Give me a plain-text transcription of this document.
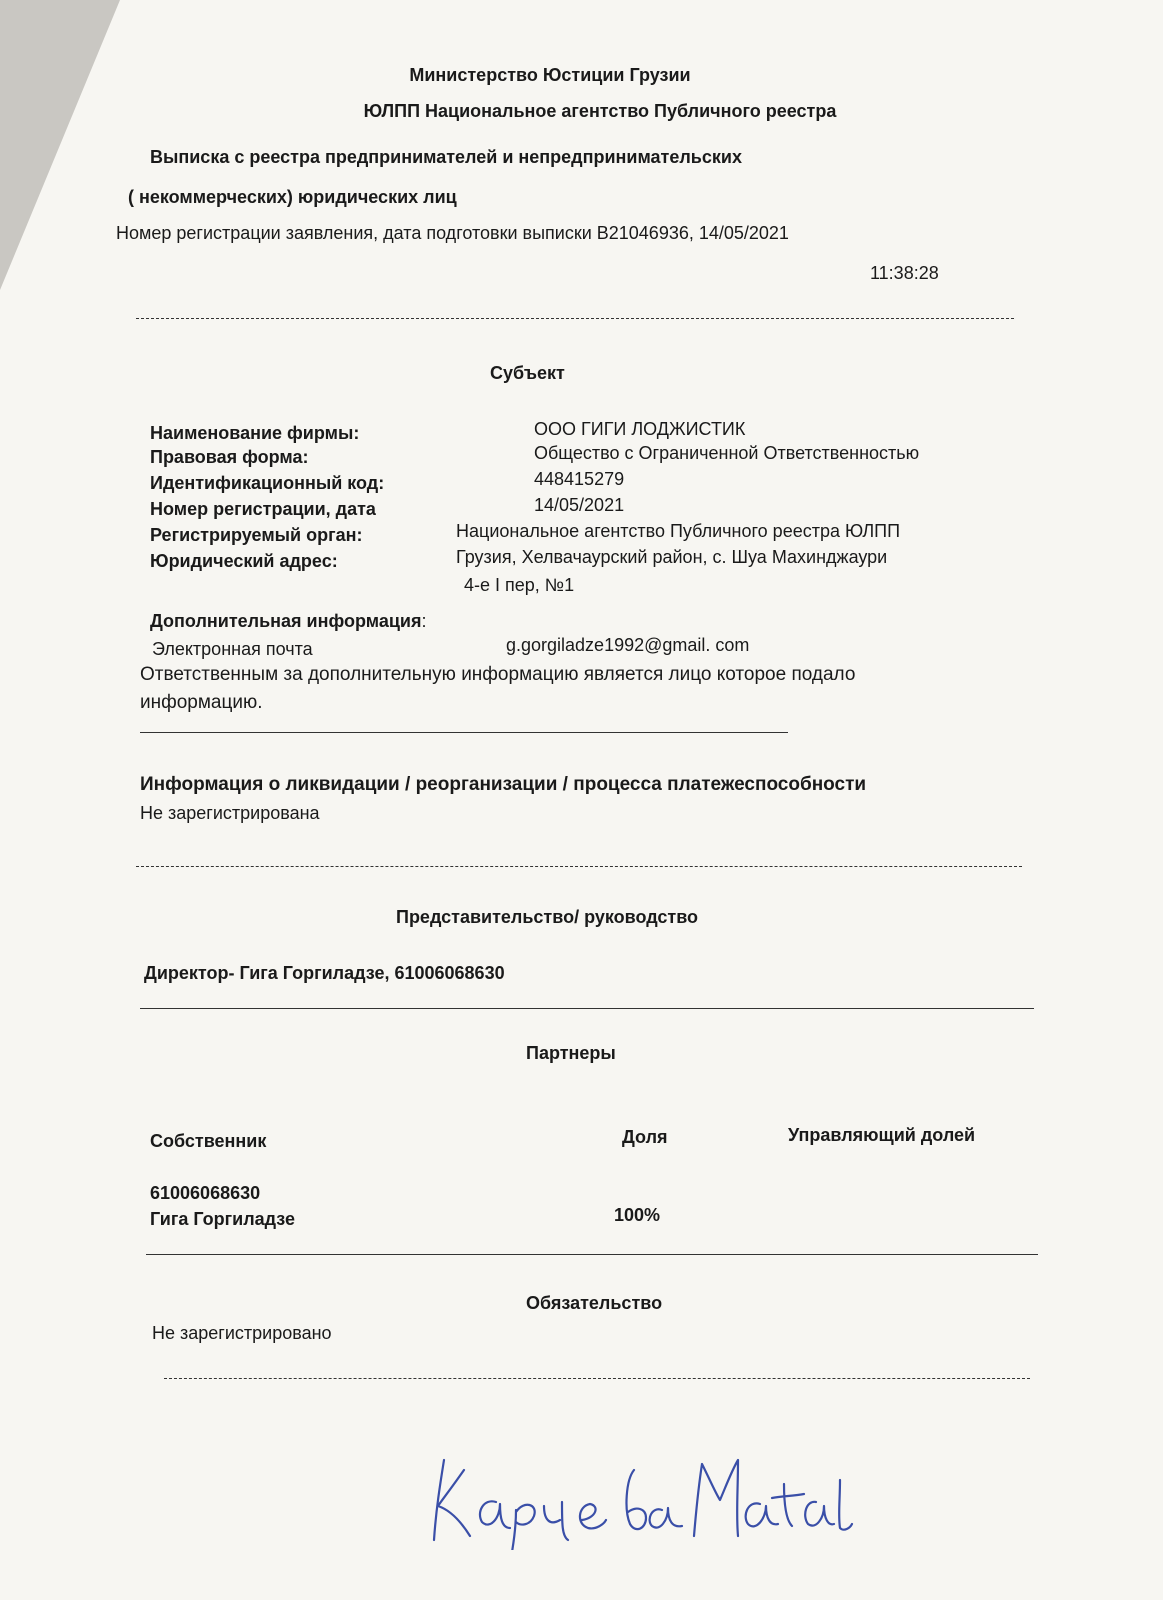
Министерство Юстиции Грузии
ЮЛПП Национальное агентство Публичного реестра
Выписка с реестра предпринимателей и непредпринимательских
( некоммерческих) юридических лиц
Номер регистрации заявления, дата подготовки выписки B21046936, 14/05/2021
11:38:28
Субъект
Наименование фирмы:	ООО ГИГИ ЛОДЖИСТИК
Правовая форма:	Общество с Ограниченной Ответственностью
Идентификационный код:	448415279
Номер регистрации, дата	14/05/2021
Регистрируемый орган:	Национальное агентство Публичного реестра ЮЛПП
Юридический адрес:	Грузия, Хелвачаурский район, с. Шуа Махинджаури
4-е I пер, №1
Дополнительная информация:
Электронная почта	g.gorgiladze1992@gmail. com
Ответственным за дополнительную информацию является лицо которое подало
информацию.
Информация о ликвидации / реорганизации / процесса платежеспособности
Не зарегистрирована
Представительство/ руководство
Директор- Гига Горгиладзе, 61006068630
Партнеры
Собственник	Доля	Управляющий долей
61006068630
Гига Горгиладзе	100%
Обязательство
Не зарегистрировано
